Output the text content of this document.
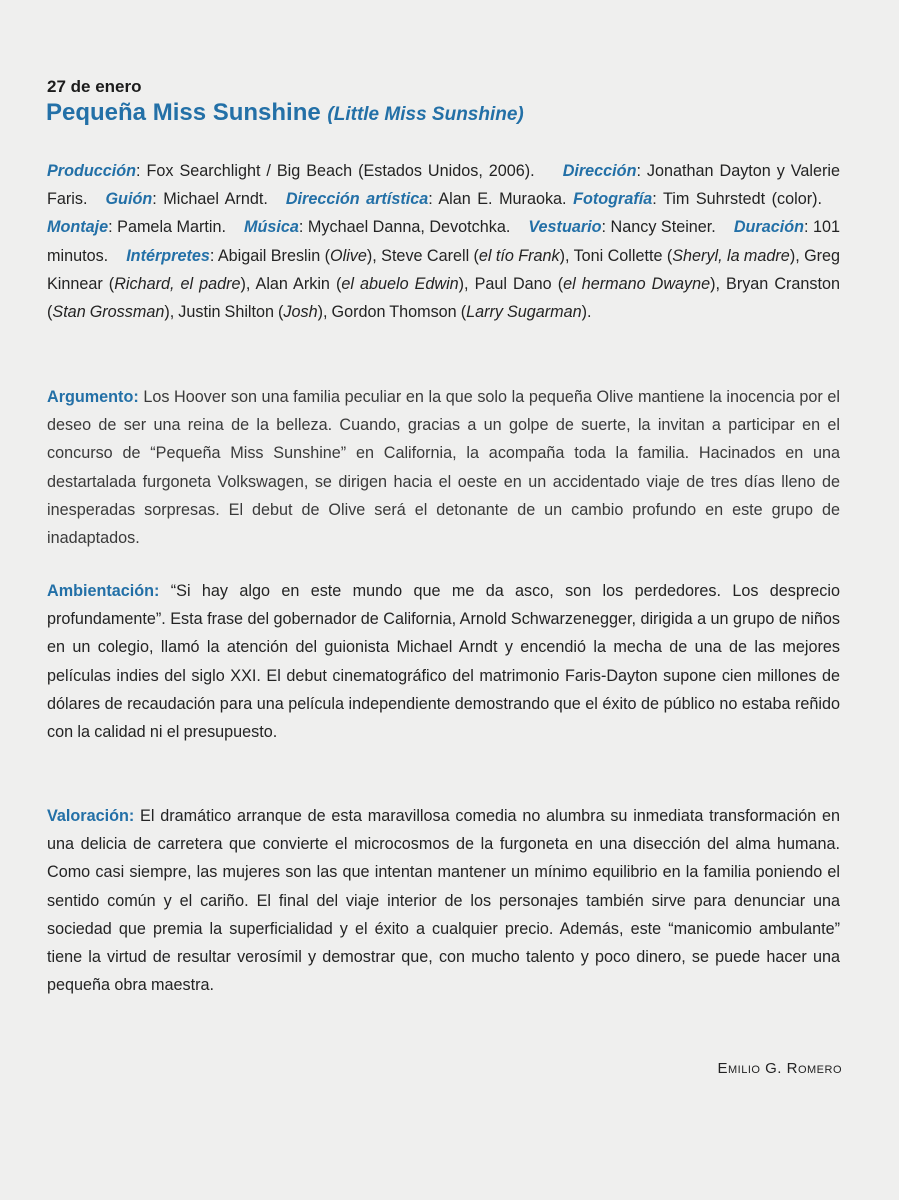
27 de enero
Pequeña Miss Sunshine (Little Miss Sunshine)
Producción: Fox Searchlight / Big Beach (Estados Unidos, 2006). Dirección: Jonathan Dayton y Valerie Faris. Guión: Michael Arndt. Dirección artística: Alan E. Muraoka. Fotografía: Tim Suhrstedt (color).Montaje: Pamela Martin. Música: Mychael Danna, Devotchka. Vestuario: Nancy Steiner. Duración: 101 minutos. Intérpretes: Abigail Breslin (Olive), Steve Carell (el tío Frank), Toni Collette (Sheryl, la madre), Greg Kinnear (Richard, el padre), Alan Arkin (el abuelo Edwin), Paul Dano (el hermano Dwayne), Bryan Cranston (Stan Grossman), Justin Shilton (Josh), Gordon Thomson (Larry Sugarman).
Argumento: Los Hoover son una familia peculiar en la que solo la pequeña Olive mantiene la inocencia por el deseo de ser una reina de la belleza. Cuando, gracias a un golpe de suerte, la invitan a participar en el concurso de “Pequeña Miss Sunshine” en California, la acompaña toda la familia. Hacinados en una destartalada furgoneta Volkswagen, se dirigen hacia el oeste en un accidentado viaje de tres días lleno de inesperadas sorpresas. El debut de Olive será el detonante de un cambio profundo en este grupo de inadaptados.
Ambientación: “Si hay algo en este mundo que me da asco, son los perdedores. Los desprecio profundamente”. Esta frase del gobernador de California, Arnold Schwarzenegger, dirigida a un grupo de niños en un colegio, llamó la atención del guionista Michael Arndt y encendió la mecha de una de las mejores películas indies del siglo XXI. El debut cinematográfico del matrimonio Faris-Dayton supone cien millones de dólares de recaudación para una película independiente demostrando que el éxito de público no estaba reñido con la calidad ni el presupuesto.
Valoración: El dramático arranque de esta maravillosa comedia no alumbra su inmediata transformación en una delicia de carretera que convierte el microcosmos de la furgoneta en una disección del alma humana. Como casi siempre, las mujeres son las que intentan mantener un mínimo equilibrio en la familia poniendo el sentido común y el cariño. El final del viaje interior de los personajes también sirve para denunciar una sociedad que premia la superficialidad y el éxito a cualquier precio. Además, este “manicomio ambulante” tiene la virtud de resultar verosímil y demostrar que, con mucho talento y poco dinero, se puede hacer una pequeña obra maestra.
Emilio G. Romero
